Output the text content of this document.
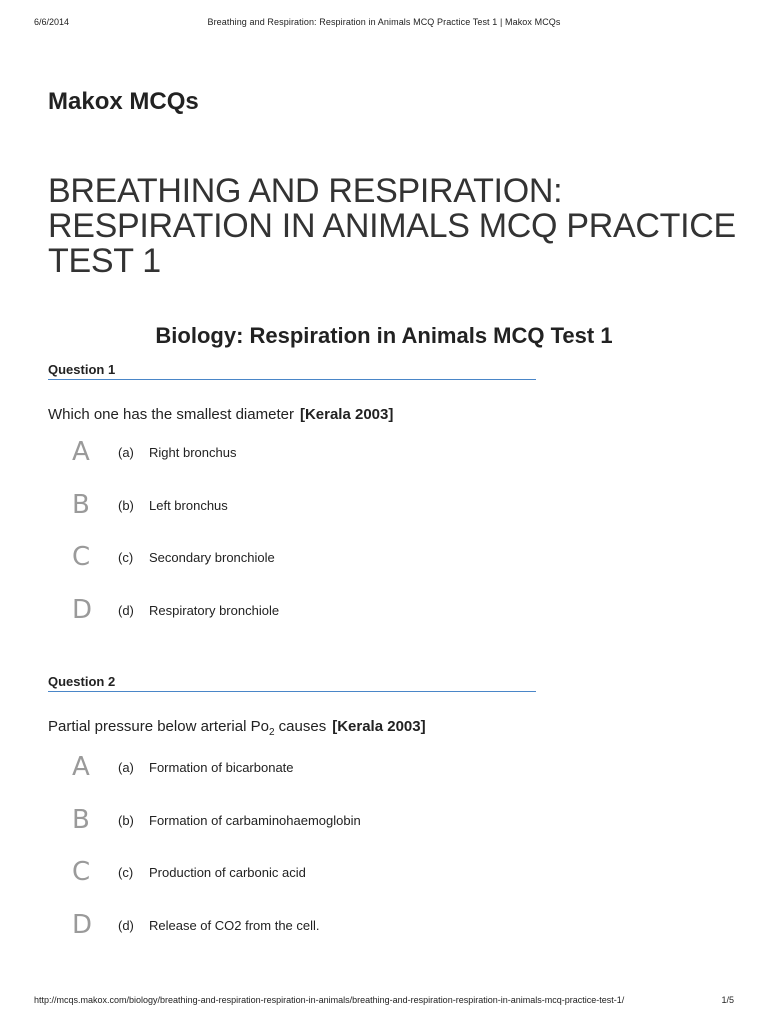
6/6/2014	Breathing and Respiration: Respiration in Animals MCQ Practice Test 1 | Makox MCQs
Makox MCQs
BREATHING AND RESPIRATION: RESPIRATION IN ANIMALS MCQ PRACTICE TEST 1
Biology: Respiration in Animals MCQ Test 1
Question 1
Which one has the smallest diameter [Kerala 2003]
A (a) Right bronchus
B (b) Left bronchus
C (c) Secondary bronchiole
D (d) Respiratory bronchiole
Question 2
Partial pressure below arterial $Po_2$ causes [Kerala 2003]
A (a) Formation of bicarbonate
B (b) Formation of carbaminohaemoglobin
C (c) Production of carbonic acid
D (d) Release of CO2 from the cell.
http://mcqs.makox.com/biology/breathing-and-respiration-respiration-in-animals/breathing-and-respiration-respiration-in-animals-mcq-practice-test-1/	1/5
